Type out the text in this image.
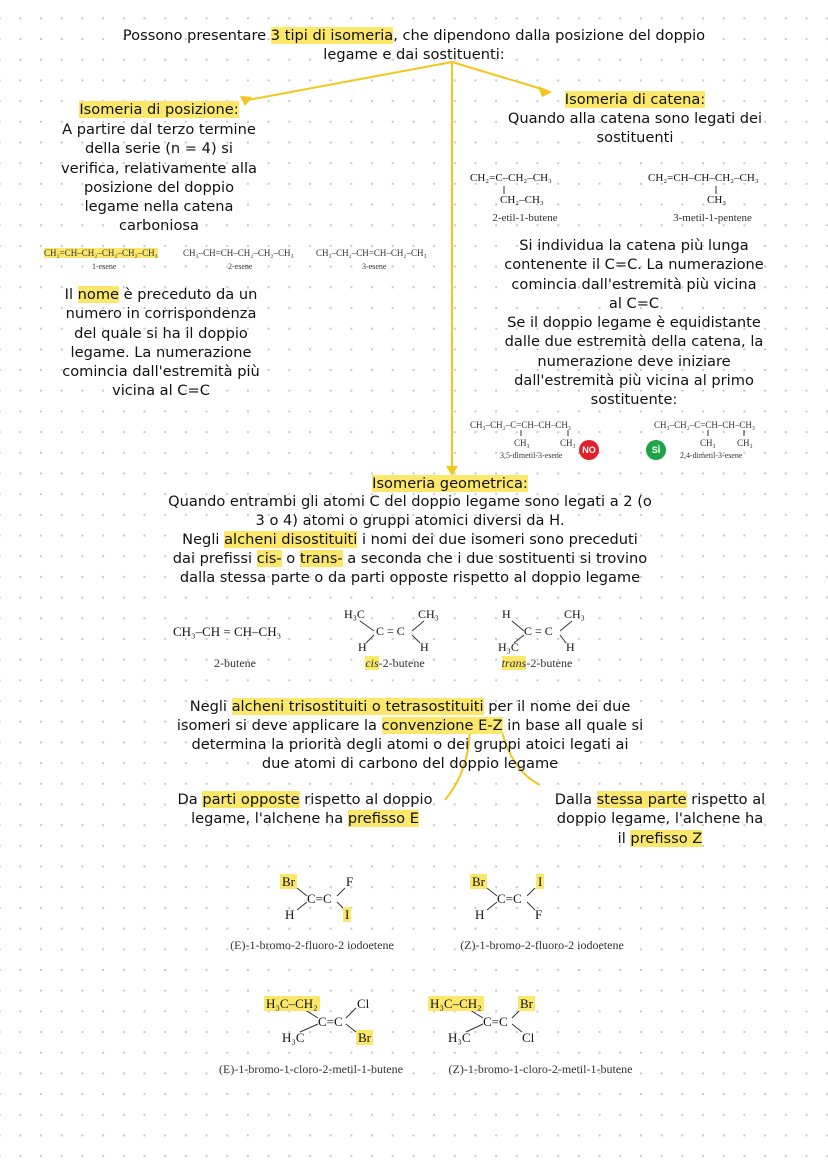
Possono presentare 3 tipi di isomeria, che dipendono dalla posizione del doppio
legame e dai sostituenti:
Isomeria di posizione:
A partire dal terzo termine
della serie (n = 4) si
verifica, relativamente alla
posizione del doppio
legame nella catena
carboniosa
CH₂=CH–CH₂–CH₂–CH₂–CH₃	CH₃–CH=CH–CH₂–CH₂–CH₃ CH₃–CH₂–CH=CH–CH₂–CH₃
1-esene	2-esene	3-esene
Il nome è preceduto da un
numero in corrispondenza
del quale si ha il doppio
legame. La numerazione
comincia dall'estremità più
vicina al C=C
Isomeria di catena:
Quando alla catena sono legati dei
sostituenti
CH₂=C–CH₂–CH₃
CH₂–CH₃
2-etil-1-butene
CH₂=CH–CH–CH₂–CH₃
CH₃
3-metil-1-pentene
Si individua la catena più lunga
contenente il C=C. La numerazione
comincia dall'estremità più vicina
al C=C
Se il doppio legame è equidistante
dalle due estremità della catena, la
numerazione deve iniziare
dall'estremità più vicina al primo
sostituente:
CH₃–CH₂–C=CH–CH–CH₃
CH₃	CH₃
3,5-dimetil-3-esene
NO	SÌ
CH₃–CH₂–C=CH–CH–CH₃
CH₃ CH₃
2,4-dimetil-3-esene
Isomeria geometrica:
Quando entrambi gli atomi C del doppio legame sono legati a 2 (o
3 o 4) atomi o gruppi atomici diversi da H.
Negli alcheni disostituiti i nomi dei due isomeri sono preceduti
dai prefissi cis- o trans- a seconda che i due sostituenti si trovino
dalla stessa parte o da parti opposte rispetto al doppio legame
CH₃–CH = CH–CH₃
2-butene
H₃C	CH₃
C = C
H	H
cis-2-butene
H	CH₃
C = C
H₃C	H
trans-2-butene
Negli alcheni trisostituiti o tetrasostituiti per il nome dei due
isomeri si deve applicare la convenzione E-Z in base all quale si
determina la priorità degli atomi o dei gruppi atoici legati ai
due atomi di carbono del doppio legame
Da parti opposte rispetto al doppio
legame, l'alchene ha prefisso E
Dalla stessa parte rispetto al
doppio legame, l'alchene ha
il prefisso Z
Br	F
C=C
H	I
(E)-1-bromo-2-fluoro-2 iodoetene
Br	I
C=C
H	F
(Z)-1-bromo-2-fluoro-2 iodoetene
H₃C–CH₂	Cl
C=C
H₃C	Br
(E)-1-bromo-1-cloro-2-metil-1-butene
H₃C–CH₂	Br
C=C
H₃C	Cl
(Z)-1-bromo-1-cloro-2-metil-1-butene
